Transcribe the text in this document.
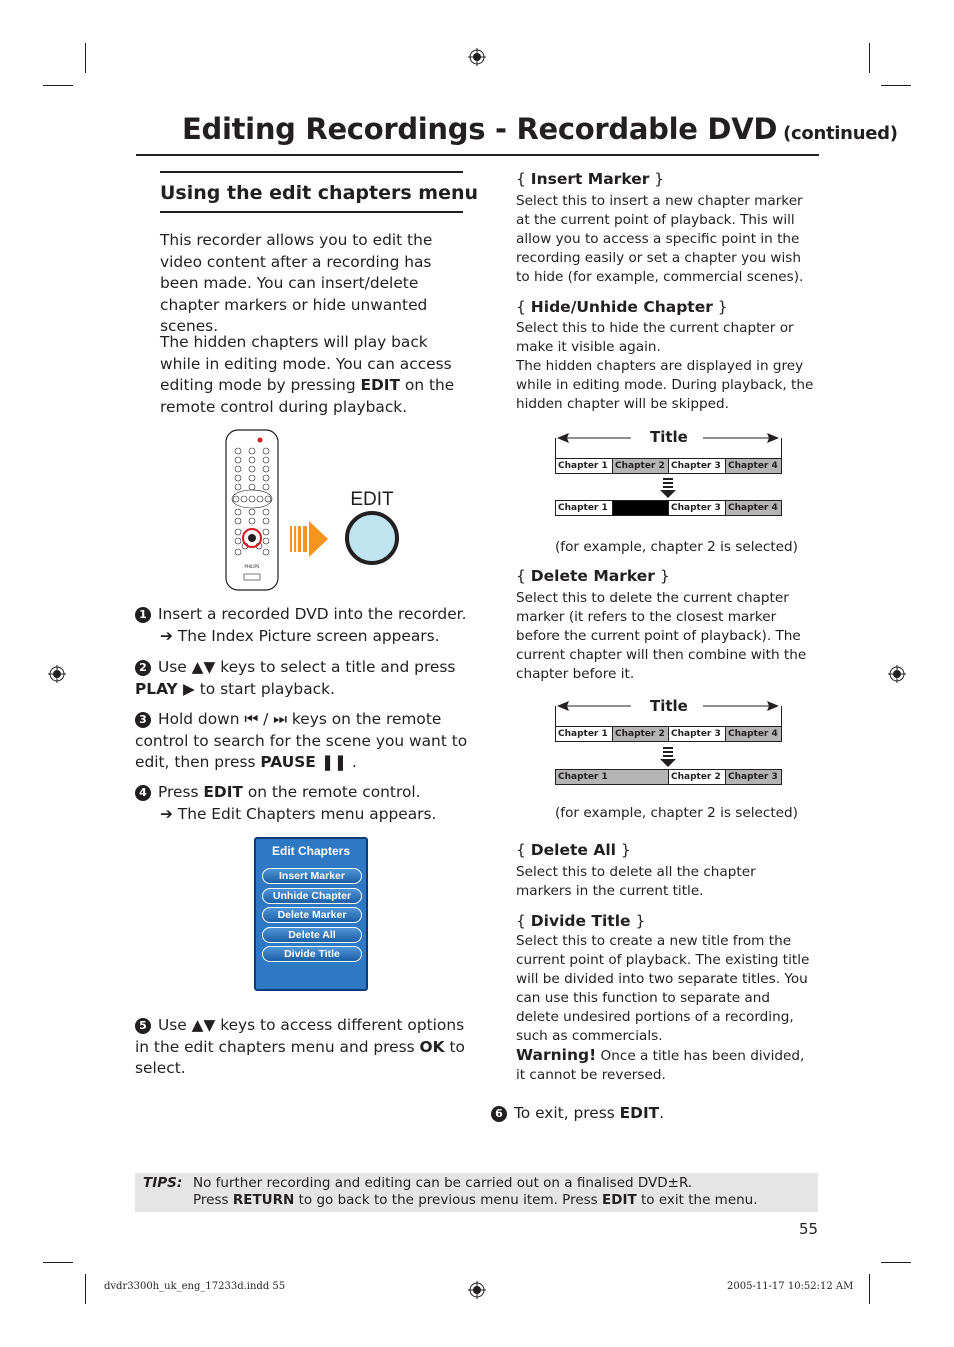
Editing Recordings - Recordable DVD (continued)
Using the edit chapters menu
This recorder allows you to edit the video content after a recording has been made. You can insert/delete chapter markers or hide unwanted scenes.
The hidden chapters will play back while in editing mode. You can access editing mode by pressing EDIT on the remote control during playback.
PHILIPS
EDIT
1 Insert a recorded DVD into the recorder.
➔ The Index Picture screen appears.
2 Use ▲▼ keys to select a title and press PLAY ▶ to start playback.
3 Hold down ⏮ / ⏭ keys on the remote control to search for the scene you want to edit, then press PAUSE ❚❚ .
4 Press EDIT on the remote control.
➔ The Edit Chapters menu appears.
Edit Chapters
Insert Marker
Unhide Chapter
Delete Marker
Delete All
Divide Title
5 Use ▲▼ keys to access different options in the edit chapters menu and press OK to select.
{ Insert Marker }
Select this to insert a new chapter marker at the current point of playback. This will allow you to access a specific point in the recording easily or set a chapter you wish to hide (for example, commercial scenes).
{ Hide/Unhide Chapter }
Select this to hide the current chapter or make it visible again.
The hidden chapters are displayed in grey while in editing mode. During playback, the hidden chapter will be skipped.
Title
Chapter 1 Chapter 2 Chapter 3 Chapter 4
Chapter 1	Chapter 3 Chapter 4
(for example, chapter 2 is selected)
{ Delete Marker }
Select this to delete the current chapter marker (it refers to the closest marker before the current point of playback). The current chapter will then combine with the chapter before it.
Title
Chapter 1 Chapter 2 Chapter 3 Chapter 4
Chapter 1	Chapter 2 Chapter 3
(for example, chapter 2 is selected)
{ Delete All }
Select this to delete all the chapter markers in the current title.
{ Divide Title }
Select this to create a new title from the current point of playback. The existing title will be divided into two separate titles. You can use this function to separate and delete undesired portions of a recording, such as commercials.
Warning! Once a title has been divided, it cannot be reversed.
6 To exit, press EDIT.
TIPS: No further recording and editing can be carried out on a finalised DVD±R.
Press RETURN to go back to the previous menu item. Press EDIT to exit the menu.
55
dvdr3300h_uk_eng_17233d.indd 55	2005-11-17 10:52:12 AM
